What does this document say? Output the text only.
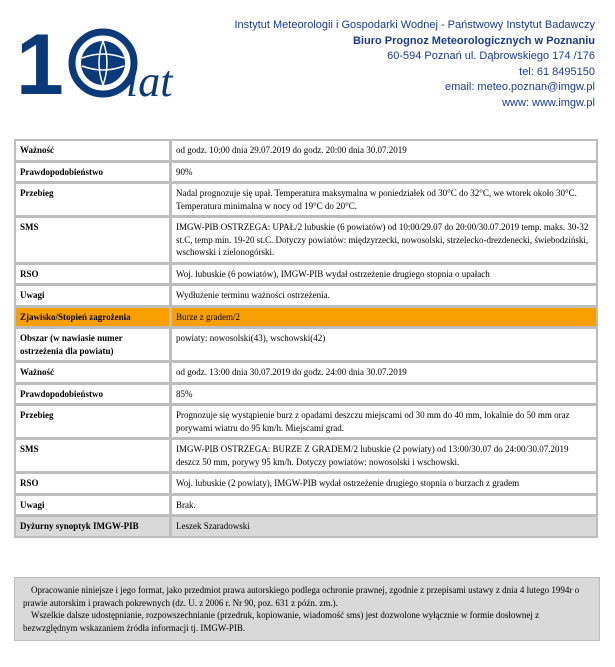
1 lat
Instytut Meteorologii i Gospodarki Wodnej - Państwowy Instytut Badawczy
Biuro Prognoz Meteorologicznych w Poznaniu
60-594 Poznań ul. Dąbrowskiego 174 /176
tel: 61 8495150
email: meteo.poznan@imgw.pl
www: www.imgw.pl
Ważność	od godz. 10:00 dnia 29.07.2019 do godz. 20:00 dnia 30.07.2019
Prawdopodobieństwo	90%
Przebieg	Nadal prognozuje się upał. Temperatura maksymalna w poniedziałek od 30°C do 32°C, we wtorek około 30°C. Temperatura minimalna w nocy od 19°C do 20°C.
SMS	IMGW-PIB OSTRZEGA: UPAŁ/2 lubuskie (6 powiatów) od 10:00/29.07 do 20:00/30.07.2019 temp. maks. 30-32 st.C, temp min. 19-20 st.C. Dotyczy powiatów: międzyrzecki, nowosolski, strzelecko-drezdenecki, świebodziński, wschowski i zielonogórski.
RSO	Woj. lubuskie (6 powiatów), IMGW-PIB wydał ostrzeżenie drugiego stopnia o upałach
Uwagi	Wydłużenie terminu ważności ostrzeżenia.
Zjawisko/Stopień zagrożenia	Burze z gradem/2
Obszar (w nawiasie numer ostrzeżenia dla powiatu)	powiaty: nowosolski(43), wschowski(42)
Ważność	od godz. 13:00 dnia 30.07.2019 do godz. 24:00 dnia 30.07.2019
Prawdopodobieństwo	85%
Przebieg	Prognozuje się wystąpienie burz z opadami deszczu miejscami od 30 mm do 40 mm, lokalnie do 50 mm oraz porywami wiatru do 95 km/h. Miejscami grad.
SMS	IMGW-PIB OSTRZEGA: BURZE Z GRADEM/2 lubuskie (2 powiaty) od 13:00/30.07 do 24:00/30.07.2019 deszcz 50 mm, porywy 95 km/h. Dotyczy powiatów: nowosolski i wschowski.
RSO	Woj. lubuskie (2 powiaty), IMGW-PIB wydał ostrzeżenie drugiego stopnia o burzach z gradem
Uwagi	Brak.
Dyżurny synoptyk IMGW-PIB	Leszek Szaradowski

Opracowanie niniejsze i jego format, jako przedmiot prawa autorskiego podlega ochronie prawnej, zgodnie z przepisami ustawy z dnia 4 lutego 1994r o prawie autorskim i prawach pokrewnych (dz. U. z 2006 r. Nr 90, poz. 631 z późn. zm.).

Wszelkie dalsze udostępnianie, rozpowszechnianie (przedruk, kopiowanie, wiadomość sms) jest dozwolone wyłącznie w formie dosłownej z bezwzględnym wskazaniem źródła informacji tj. IMGW-PIB.
